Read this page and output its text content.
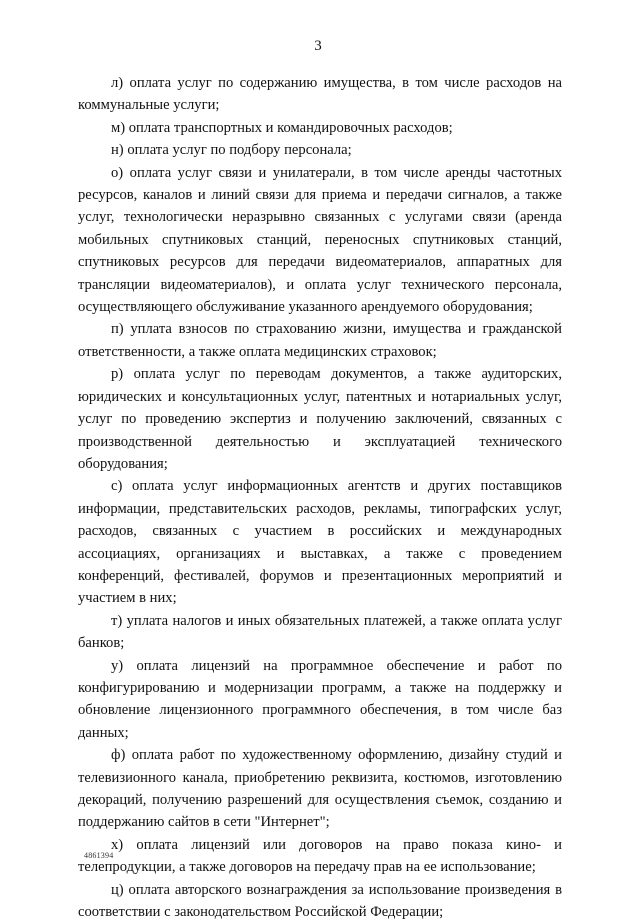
3

л) оплата услуг по содержанию имущества, в том числе расходов на коммунальные услуги;

м) оплата транспортных и командировочных расходов;

н) оплата услуг по подбору персонала;

о) оплата услуг связи и унилатерали, в том числе аренды частотных ресурсов, каналов и линий связи для приема и передачи сигналов, а также услуг, технологически неразрывно связанных с услугами связи (аренда мобильных спутниковых станций, переносных спутниковых станций, спутниковых ресурсов для передачи видеоматериалов, аппаратных для трансляции видеоматериалов), и оплата услуг технического персонала, осуществляющего обслуживание указанного арендуемого оборудования;

п) уплата взносов по страхованию жизни, имущества и гражданской ответственности, а также оплата медицинских страховок;

р) оплата услуг по переводам документов, а также аудиторских, юридических и консультационных услуг, патентных и нотариальных услуг, услуг по проведению экспертиз и получению заключений, связанных с производственной деятельностью и эксплуатацией технического оборудования;

с) оплата услуг информационных агентств и других поставщиков информации, представительских расходов, рекламы, типографских услуг, расходов, связанных с участием в российских и международных ассоциациях, организациях и выставках, а также с проведением конференций, фестивалей, форумов и презентационных мероприятий и участием в них;

т) уплата налогов и иных обязательных платежей, а также оплата услуг банков;

у) оплата лицензий на программное обеспечение и работ по конфигурированию и модернизации программ, а также на поддержку и обновление лицензионного программного обеспечения, в том числе баз данных;

ф) оплата работ по художественному оформлению, дизайну студий и телевизионного канала, приобретению реквизита, костюмов, изготовлению декораций, получению разрешений для осуществления съемок, созданию и поддержанию сайтов в сети "Интернет";

х) оплата лицензий или договоров на право показа кино- и телепродукции, а также договоров на передачу прав на ее использование;

ц) оплата авторского вознаграждения за использование произведения в соответствии с законодательством Российской Федерации;

4861394
